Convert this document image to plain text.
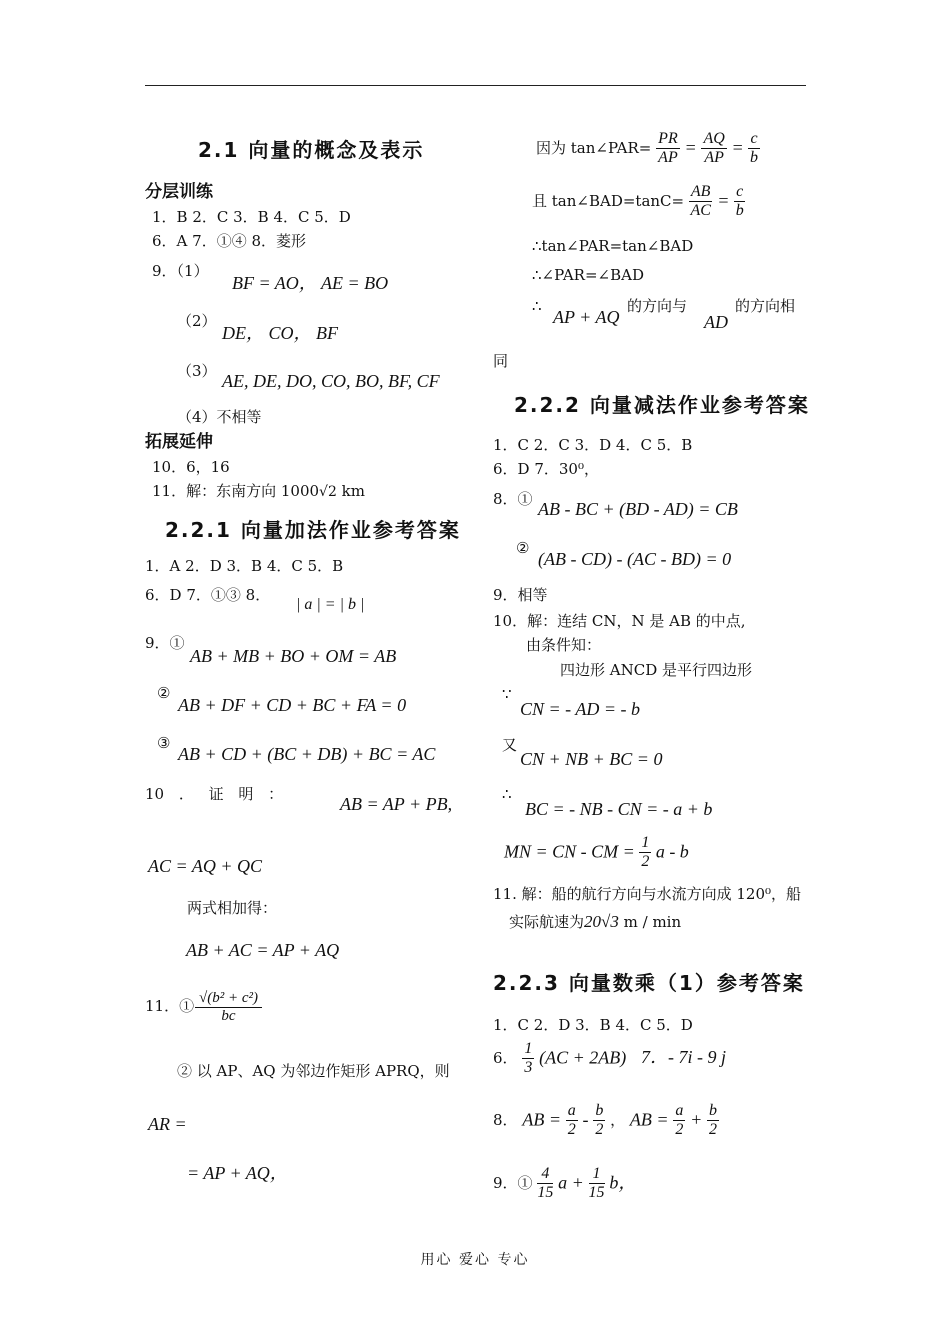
2.1 向量的概念及表示
分层训练
1．B 2．C 3．B 4．C 5．D
6．A 7．①④ 8．菱形
9．（1）
BF = AO， AE = BO
（2）
DE， CO， BF
（3） AE, DE, DO, CO, BO, BF, CF
（4）不相等
拓展延伸
10．6，16
11．解：东南方向 1000√2 km
2.2.1 向量加法作业参考答案
1．A 2．D 3．B 4．C 5．B
6．D 7．①③ 8．
| a | = | b |
9．①
AB + MB + BO + OM = AB
②
AB + DF + CD + BC + FA = 0
③
AB + CD + (BC + DB) + BC = AC
10 ． 证 明 ：	AB = AP + PB,
AC = AQ + QC
两式相加得：
AB + AC = AP + AQ
11．① $\frac{\text{√(b² + c²)}}{bc}$
② 以 AP、AQ 为邻边作矩形 APRQ，则
AR =
= AP + AQ，
因为 tan∠PAR= $\frac{PR}{AP} = \frac{AQ}{AP} = \frac{c}{b}$
且 tan∠BAD=tanC= $\frac{AB}{AC} = \frac{c}{b}$
∴tan∠PAR=tan∠BAD
∴∠PAR=∠BAD
∴
AP + AQ
的方向与
AD
的方向相
同
2.2.2 向量减法作业参考答案
1．C 2．C 3．D 4．C 5．B
6．D 7．30⁰，
8．① AB - BC + (BD - AD) = CB
②
(AB - CD) - (AC - BD) = 0
9．相等
10．解：连结 CN，N 是 AB 的中点,
由条件知：
四边形 ANCD 是平行四边形
∵
CN = - AD = - b
又
CN + NB + BC = 0
∴
BC = - NB - CN = - a + b
MN = CN - CM = $\frac{1}{2}$ a - b
11. 解：船的航行方向与水流方向成 120⁰，船
实际航速为20√3 m / min
2.2.3 向量数乘（1）参考答案
1．C 2．D 3．B 4．C 5．D
6． $\frac{1}{3} (AC + 2AB)$ 7．- 7i - 9 j
8． AB = $\frac{a}{2} - \frac{b}{2}$ ， AB = $\frac{a}{2} + \frac{b}{2}$
9．① $\frac{4}{15}$ $a + \frac{1}{15}$ b，
用心 爱心 专心
